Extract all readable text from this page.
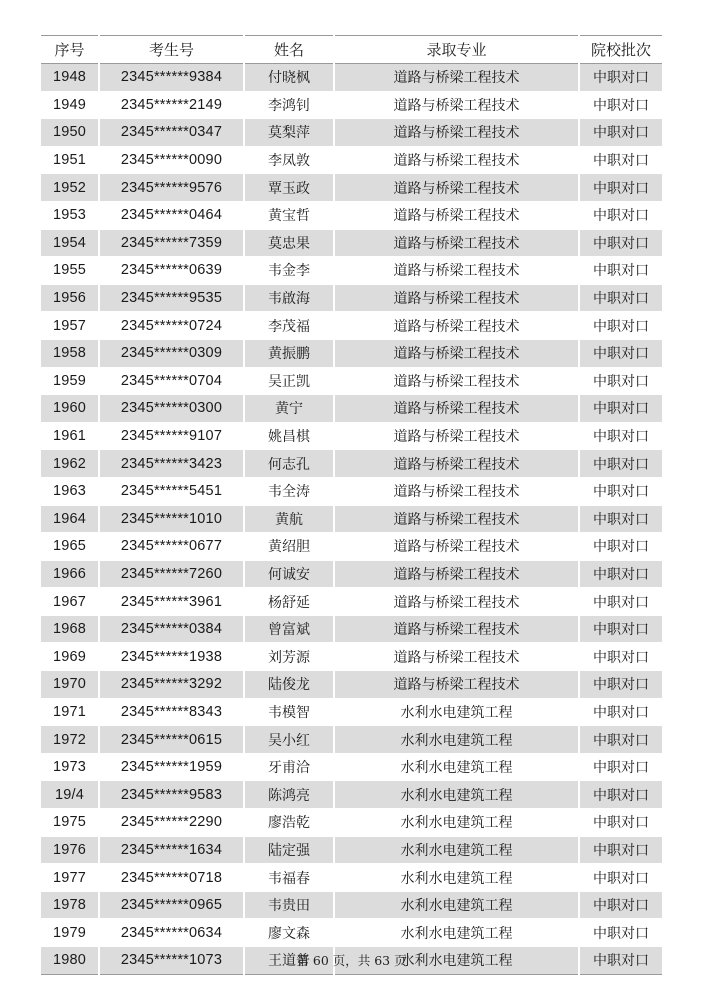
序号	考生号	姓名	录取专业	院校批次
1948	2345******9384	付晓枫	道路与桥梁工程技术	中职对口
1949	2345******2149	李鸿钊	道路与桥梁工程技术	中职对口
1950	2345******0347	莫梨萍	道路与桥梁工程技术	中职对口
1951	2345******0090	李凤敦	道路与桥梁工程技术	中职对口
1952	2345******9576	覃玉政	道路与桥梁工程技术	中职对口
1953	2345******0464	黄宝哲	道路与桥梁工程技术	中职对口
1954	2345******7359	莫忠果	道路与桥梁工程技术	中职对口
1955	2345******0639	韦金李	道路与桥梁工程技术	中职对口
1956	2345******9535	韦啟海	道路与桥梁工程技术	中职对口
1957	2345******0724	李茂福	道路与桥梁工程技术	中职对口
1958	2345******0309	黄振鹏	道路与桥梁工程技术	中职对口
1959	2345******0704	吴正凯	道路与桥梁工程技术	中职对口
1960	2345******0300	黄宁	道路与桥梁工程技术	中职对口
1961	2345******9107	姚昌棋	道路与桥梁工程技术	中职对口
1962	2345******3423	何志孔	道路与桥梁工程技术	中职对口
1963	2345******5451	韦全涛	道路与桥梁工程技术	中职对口
1964	2345******1010	黄航	道路与桥梁工程技术	中职对口
1965	2345******0677	黄绍胆	道路与桥梁工程技术	中职对口
1966	2345******7260	何诚安	道路与桥梁工程技术	中职对口
1967	2345******3961	杨舒延	道路与桥梁工程技术	中职对口
1968	2345******0384	曾富斌	道路与桥梁工程技术	中职对口
1969	2345******1938	刘芳源	道路与桥梁工程技术	中职对口
1970	2345******3292	陆俊龙	道路与桥梁工程技术	中职对口
1971	2345******8343	韦模智	水利水电建筑工程	中职对口
1972	2345******0615	吴小红	水利水电建筑工程	中职对口
1973	2345******1959	牙甫洽	水利水电建筑工程	中职对口
19/4	2345******9583	陈鸿亮	水利水电建筑工程	中职对口
1975	2345******2290	廖浩乾	水利水电建筑工程	中职对口
1976	2345******1634	陆定强	水利水电建筑工程	中职对口
1977	2345******0718	韦福春	水利水电建筑工程	中职对口
1978	2345******0965	韦贵田	水利水电建筑工程	中职对口
1979	2345******0634	廖文森	水利水电建筑工程	中职对口
1980	2345******1073	王道普	水利水电建筑工程	中职对口
第 60 页，共 63 页
